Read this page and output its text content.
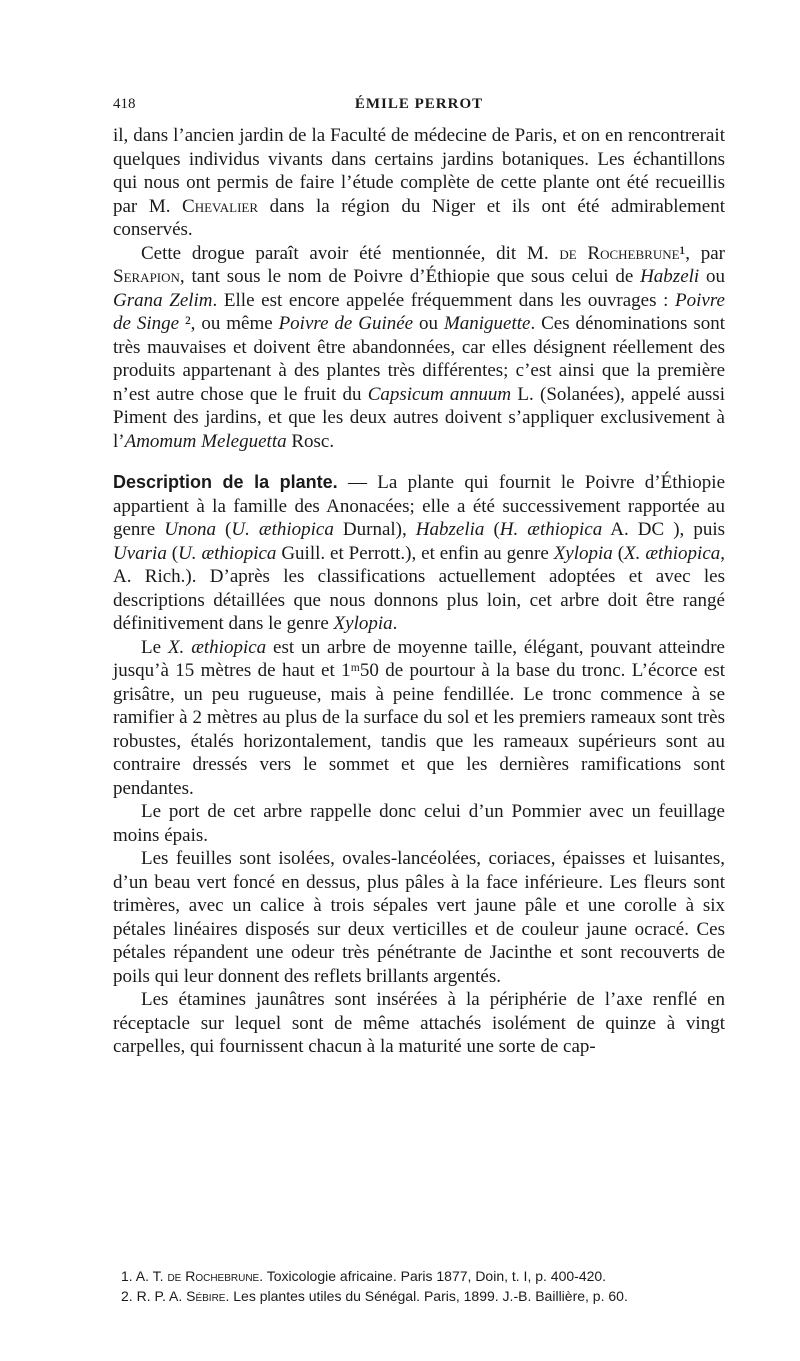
418	ÉMILE PERROT

il, dans l’ancien jardin de la Faculté de médecine de Paris, et on en rencontrerait quelques individus vivants dans certains jardins botaniques. Les échantillons qui nous ont permis de faire l’étude complète de cette plante ont été recueillis par M. Chevalier dans la région du Niger et ils ont été admirablement conservés.

Cette drogue paraît avoir été mentionnée, dit M. de Rochebrune¹, par Serapion, tant sous le nom de Poivre d’Éthiopie que sous celui de Habzeli ou Grana Zelim. Elle est encore appelée fréquemment dans les ouvrages : Poivre de Singe ², ou même Poivre de Guinée ou Maniguette. Ces dénominations sont très mauvaises et doivent être abandonnées, car elles désignent réellement des produits appartenant à des plantes très différentes; c’est ainsi que la première n’est autre chose que le fruit du Capsicum annuum L. (Solanées), appelé aussi Piment des jardins, et que les deux autres doivent s’appliquer exclusivement à l’Amomum Meleguetta Rosc.

Description de la plante. — La plante qui fournit le Poivre d’Éthiopie appartient à la famille des Anonacées; elle a été successivement rapportée au genre Unona (U. æthiopica Durnal), Habzelia (H. æthiopica A. DC ), puis Uvaria (U. æthiopica Guill. et Perrott.), et enfin au genre Xylopia (X. æthiopica, A. Rich.). D’après les classifications actuellement adoptées et avec les descriptions détaillées que nous donnons plus loin, cet arbre doit être rangé définitivement dans le genre Xylopia.

Le X. æthiopica est un arbre de moyenne taille, élégant, pouvant atteindre jusqu’à 15 mètres de haut et 1ᵐ50 de pourtour à la base du tronc. L’écorce est grisâtre, un peu rugueuse, mais à peine fendillée. Le tronc commence à se ramifier à 2 mètres au plus de la surface du sol et les premiers rameaux sont très robustes, étalés horizontalement, tandis que les rameaux supérieurs sont au contraire dressés vers le sommet et que les dernières ramifications sont pendantes.

Le port de cet arbre rappelle donc celui d’un Pommier avec un feuillage moins épais.

Les feuilles sont isolées, ovales-lancéolées, coriaces, épaisses et luisantes, d’un beau vert foncé en dessus, plus pâles à la face inférieure. Les fleurs sont trimères, avec un calice à trois sépales vert jaune pâle et une corolle à six pétales linéaires disposés sur deux verticilles et de couleur jaune ocracé. Ces pétales répandent une odeur très pénétrante de Jacinthe et sont recouverts de poils qui leur donnent des reflets brillants argentés.

Les étamines jaunâtres sont insérées à la périphérie de l’axe renflé en réceptacle sur lequel sont de même attachés isolément de quinze à vingt carpelles, qui fournissent chacun à la maturité une sorte de cap-

1. A. T. de Rochebrune. Toxicologie africaine. Paris 1877, Doin, t. I, p. 400-420.

2. R. P. A. Sébire. Les plantes utiles du Sénégal. Paris, 1899. J.-B. Baillière, p. 60.
